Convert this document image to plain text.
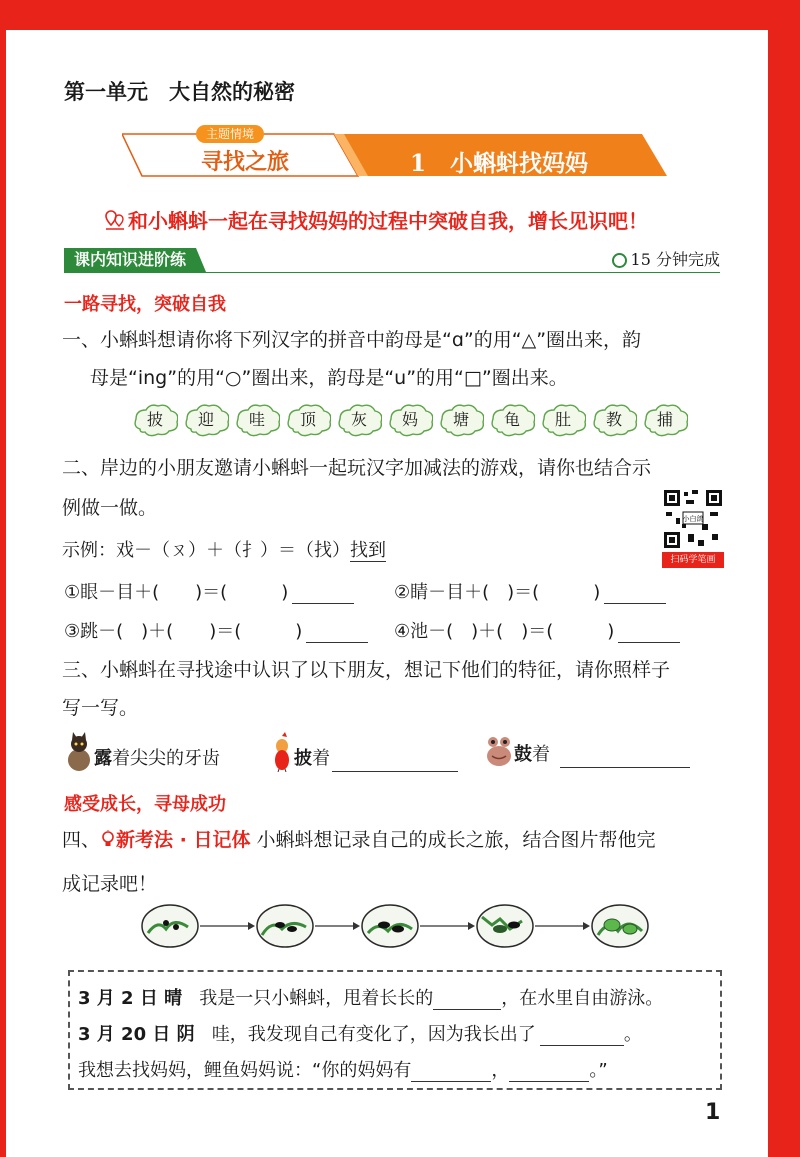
第一单元　大自然的秘密
主题情境
寻找之旅	1 小蝌蚪找妈妈
和小蝌蚪一起在寻找妈妈的过程中突破自我，增长见识吧！
课内知识进阶练	15 分钟完成
一路寻找，突破自我
一、小蝌蚪想请你将下列汉字的拼音中韵母是“ɑ”的用“△”圈出来，韵
母是“ing”的用“○”圈出来，韵母是“u”的用“□”圈出来。
披	迎	哇	顶	灰	妈	塘	龟	肚	教	捕
二、岸边的小朋友邀请小蝌蚪一起玩汉字加减法的游戏，请你也结合示
例做一做。	小白鸽
扫码学笔画
示例：戏－（ㄡ）＋（扌）＝（找）找到
①眼－目＋(　　)＝(　　　)	②睛－目＋(　)＝(　　　)
③跳－(　)＋(　　)＝(　　　)	④池－(　)＋(　)＝(　　　)
三、小蝌蚪在寻找途中认识了以下朋友，想记下他们的特征，请你照样子
写一写。
露着尖尖的牙齿	披着	鼓着
感受成长，寻母成功
四、 新考法 · 日记体 小蝌蚪想记录自己的成长之旅，结合图片帮他完
成记录吧！
3 月 2 日 晴 我是一只小蝌蚪，甩着长长的	，在水里自由游泳。
3 月 20 日 阴 哇，我发现自己有变化了，因为我长出了	。
我想去找妈妈，鲤鱼妈妈说：“你的妈妈有	，	。”
1
